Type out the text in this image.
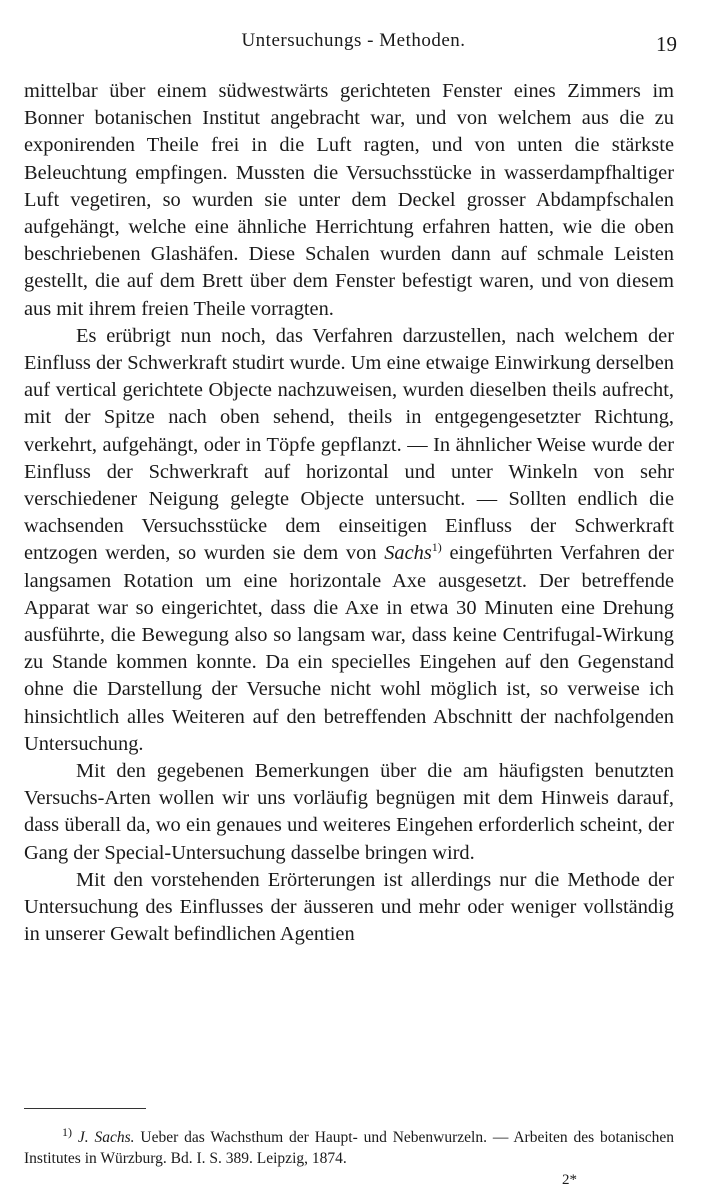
Untersuchungs - Methoden.	19

mittelbar über einem südwestwärts gerichteten Fenster eines Zimmers im Bonner botanischen Institut angebracht war, und von welchem aus die zu exponirenden Theile frei in die Luft ragten, und von unten die stärkste Beleuchtung empfingen. Mussten die Versuchsstücke in wasserdampfhaltiger Luft vegetiren, so wurden sie unter dem Deckel grosser Abdampfschalen aufgehängt, welche eine ähnliche Herrichtung erfahren hatten, wie die oben beschriebenen Glashäfen. Diese Schalen wurden dann auf schmale Leisten gestellt, die auf dem Brett über dem Fenster befestigt waren, und von diesem aus mit ihrem freien Theile vorragten.

Es erübrigt nun noch, das Verfahren darzustellen, nach welchem der Einfluss der Schwerkraft studirt wurde. Um eine etwaige Einwirkung derselben auf vertical gerichtete Objecte nachzuweisen, wurden dieselben theils aufrecht, mit der Spitze nach oben sehend, theils in entgegengesetzter Richtung, verkehrt, aufgehängt, oder in Töpfe gepflanzt. — In ähnlicher Weise wurde der Einfluss der Schwerkraft auf horizontal und unter Winkeln von sehr verschiedener Neigung gelegte Objecte untersucht. — Sollten endlich die wachsenden Versuchsstücke dem einseitigen Einfluss der Schwerkraft entzogen werden, so wurden sie dem von Sachs$^{1)}$ eingeführten Verfahren der langsamen Rotation um eine horizontale Axe ausgesetzt. Der betreffende Apparat war so eingerichtet, dass die Axe in etwa 30 Minuten eine Drehung ausführte, die Bewegung also so langsam war, dass keine Centrifugal-Wirkung zu Stande kommen konnte. Da ein specielles Eingehen auf den Gegenstand ohne die Darstellung der Versuche nicht wohl möglich ist, so verweise ich hinsichtlich alles Weiteren auf den betreffenden Abschnitt der nachfolgenden Untersuchung.

Mit den gegebenen Bemerkungen über die am häufigsten benutzten Versuchs-Arten wollen wir uns vorläufig begnügen mit dem Hinweis darauf, dass überall da, wo ein genaues und weiteres Eingehen erforderlich scheint, der Gang der Special-Untersuchung dasselbe bringen wird.

Mit den vorstehenden Erörterungen ist allerdings nur die Methode der Untersuchung des Einflusses der äusseren und mehr oder weniger vollständig in unserer Gewalt befindlichen Agentien

$^{1)}$ J. Sachs. Ueber das Wachsthum der Haupt- und Nebenwurzeln. — Arbeiten des botanischen Institutes in Würzburg. Bd. I. S. 389. Leipzig, 1874.

2*
